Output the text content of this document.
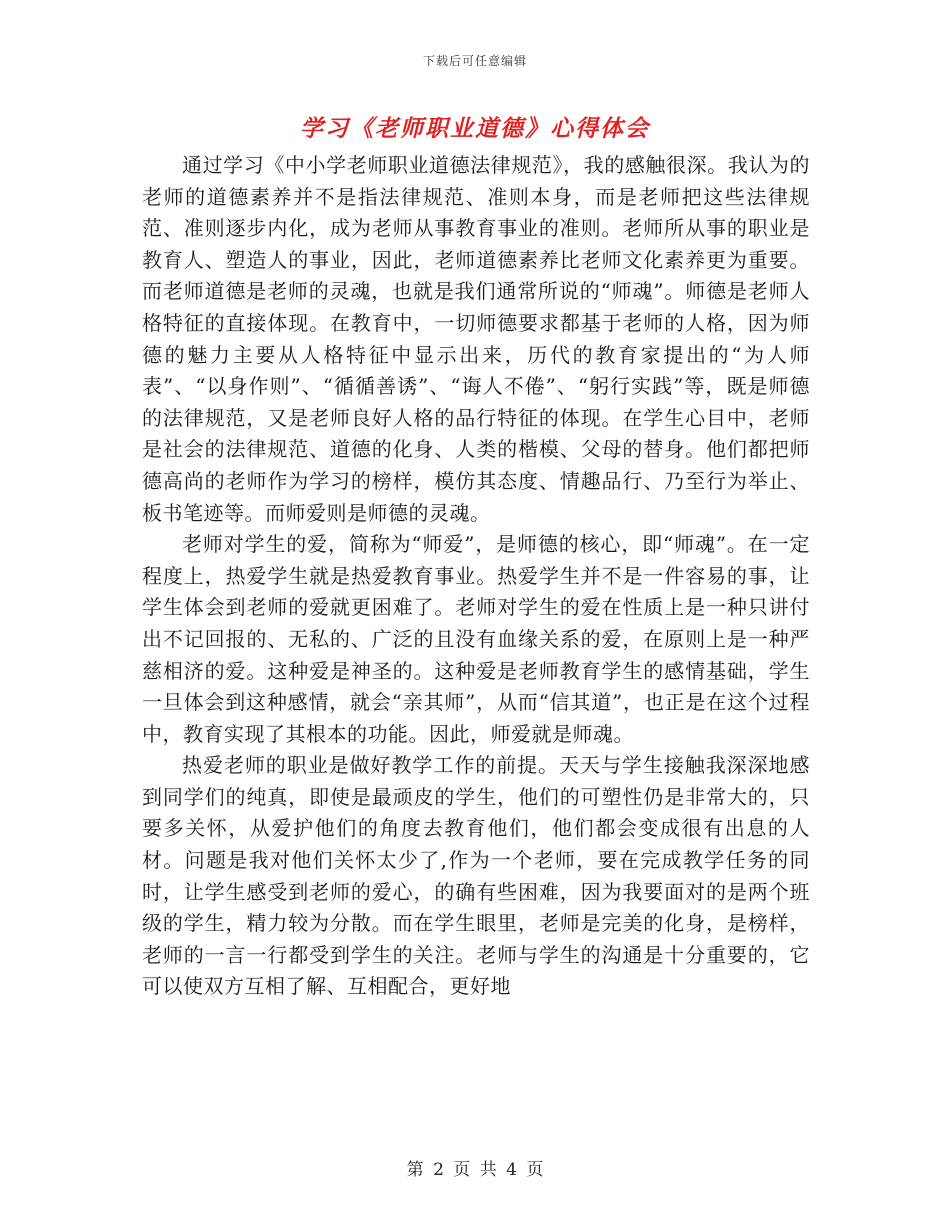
下载后可任意编辑
学习《老师职业道德》心得体会

通过学习《中小学老师职业道德法律规范》，我的感触很深。我认为的老师的道德素养并不是指法律规范、准则本身，而是老师把这些法律规范、准则逐步内化，成为老师从事教育事业的准则。老师所从事的职业是教育人、塑造人的事业，因此，老师道德素养比老师文化素养更为重要。而老师道德是老师的灵魂，也就是我们通常所说的“师魂”。师德是老师人格特征的直接体现。在教育中，一切师德要求都基于老师的人格，因为师德的魅力主要从人格特征中显示出来，历代的教育家提出的“为人师表”、“以身作则”、“循循善诱”、“诲人不倦”、“躬行实践”等，既是师德的法律规范，又是老师良好人格的品行特征的体现。在学生心目中，老师是社会的法律规范、道德的化身、人类的楷模、父母的替身。他们都把师德高尚的老师作为学习的榜样，模仿其态度、情趣品行、乃至行为举止、板书笔迹等。而师爱则是师德的灵魂。

老师对学生的爱，简称为“师爱”，是师德的核心，即“师魂”。在一定程度上，热爱学生就是热爱教育事业。热爱学生并不是一件容易的事，让学生体会到老师的爱就更困难了。老师对学生的爱在性质上是一种只讲付出不记回报的、无私的、广泛的且没有血缘关系的爱，在原则上是一种严慈相济的爱。这种爱是神圣的。这种爱是老师教育学生的感情基础，学生一旦体会到这种感情，就会“亲其师”，从而“信其道”，也正是在这个过程中，教育实现了其根本的功能。因此，师爱就是师魂。

热爱老师的职业是做好教学工作的前提。天天与学生接触我深深地感到同学们的纯真，即使是最顽皮的学生，他们的可塑性仍是非常大的，只要多关怀，从爱护他们的角度去教育他们，他们都会变成很有出息的人材。问题是我对他们关怀太少了,作为一个老师，要在完成教学任务的同时，让学生感受到老师的爱心，的确有些困难，因为我要面对的是两个班级的学生，精力较为分散。而在学生眼里，老师是完美的化身，是榜样，老师的一言一行都受到学生的关注。老师与学生的沟通是十分重要的，它可以使双方互相了解、互相配合，更好地

第 2 页 共 4 页
